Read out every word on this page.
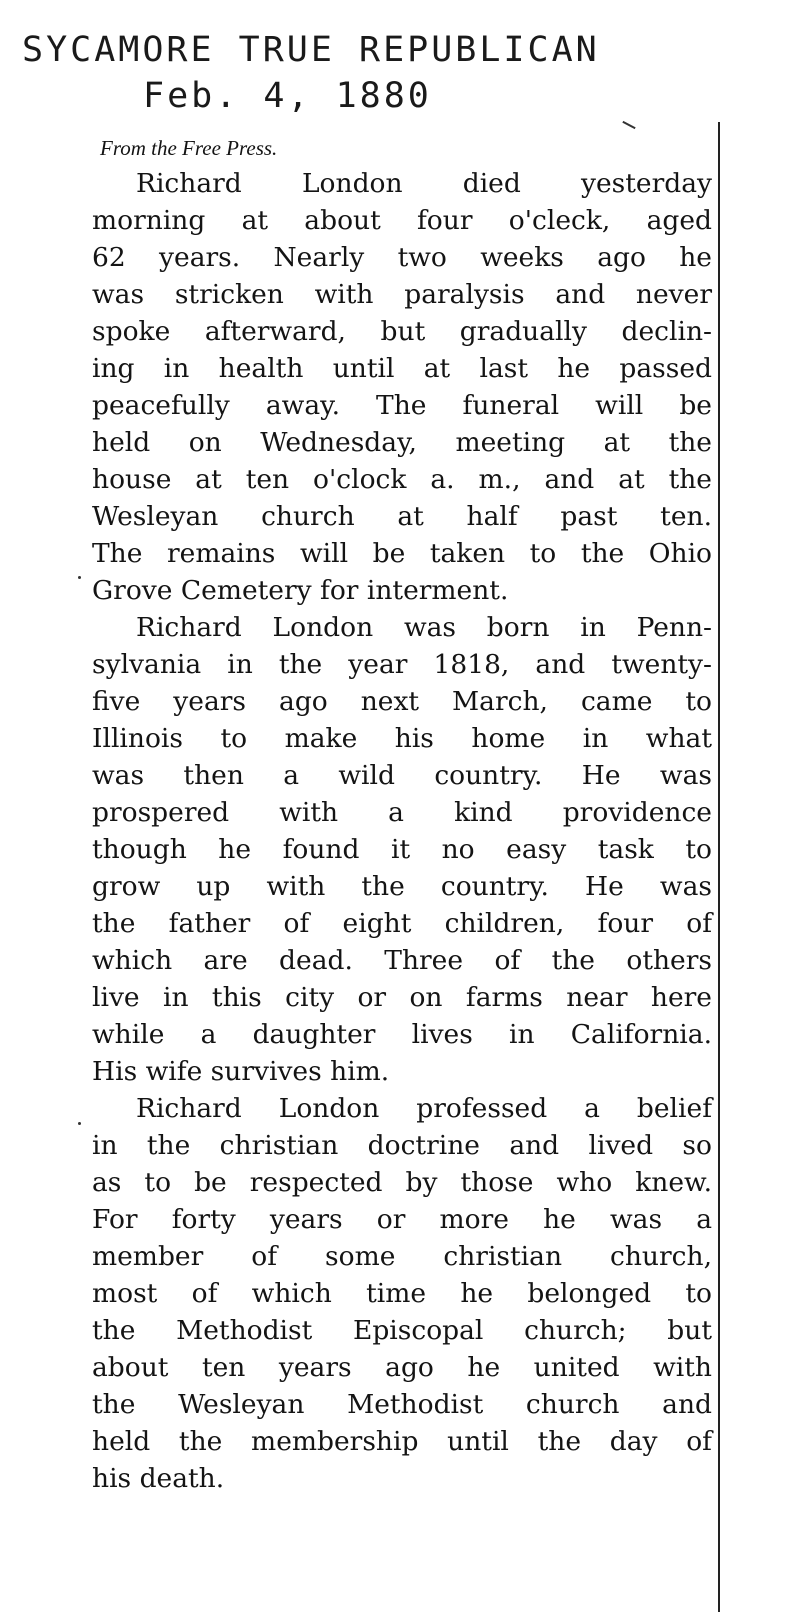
SYCAMORE TRUE REPUBLICAN
Feb. 4, 1880
From the Free Press.
Richard London died yesterday
morning at about four o'cleck, aged
62 years. Nearly two weeks ago he
was stricken with paralysis and never
spoke afterward, but gradually declin-
ing in health until at last he passed
peacefully away. The funeral will be
held on Wednesday, meeting at the
house at ten o'clock a. m., and at the
Wesleyan church at half past ten.
The remains will be taken to the Ohio
Grove Cemetery for interment.
Richard London was born in Penn-
sylvania in the year 1818, and twenty-
five years ago next March, came to
Illinois to make his home in what
was then a wild country. He was
prospered with a kind providence
though he found it no easy task to
grow up with the country. He was
the father of eight children, four of
which are dead. Three of the others
live in this city or on farms near here
while a daughter lives in California.
His wife survives him.
Richard London professed a belief
in the christian doctrine and lived so
as to be respected by those who knew.
For forty years or more he was a
member of some christian church,
most of which time he belonged to
the Methodist Episcopal church; but
about ten years ago he united with
the Wesleyan Methodist church and
held the membership until the day of
his death.
